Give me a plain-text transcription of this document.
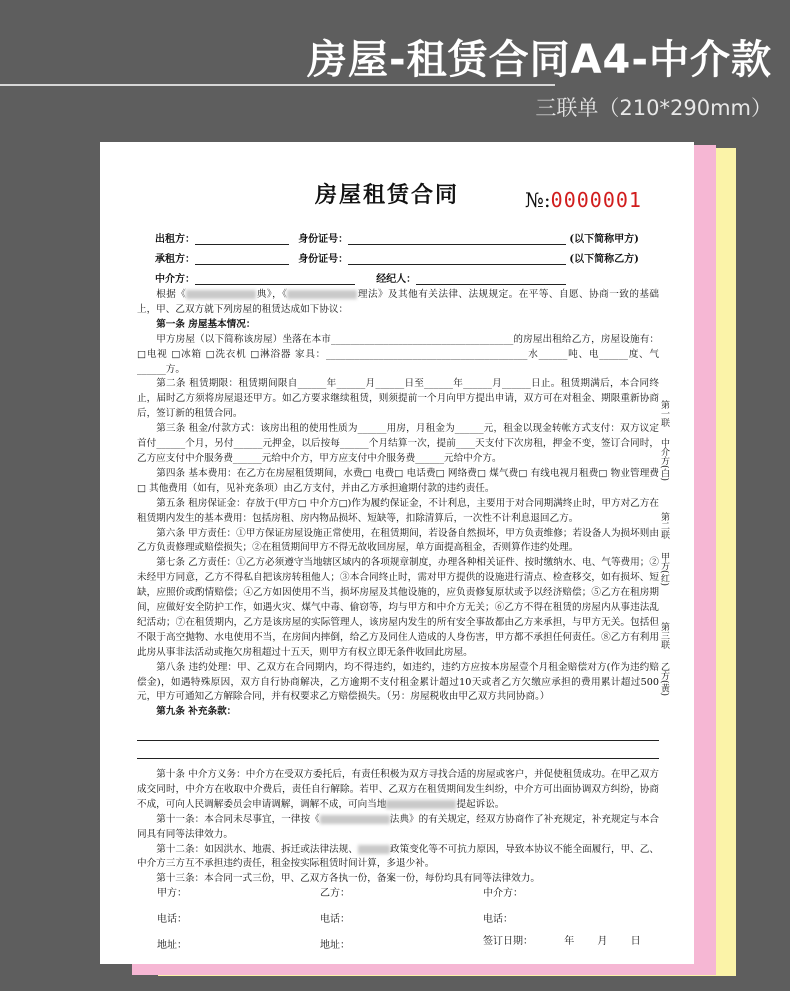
房屋-租赁合同A4-中介款
三联单（210*290mm）
房屋租赁合同	№:0000001
出租方：	身份证号：	(以下简称甲方)
承租方：	身份证号：	(以下简称乙方)
中介方：	经纪人：

根据《	典》，《	理法》及其他有关法律、法规规定。在平等、自愿、协商一致的基础上，甲、乙双方就下列房屋的租赁达成如下协议：

第一条 房屋基本情况：

甲方房屋（以下简称该房屋）坐落在本市______________________________________的房屋出租给乙方，房屋设施有：□电视 □冰箱 □洗衣机 □淋浴器 家具：__________________________________________水______吨、电______度、气______方。

第二条 租赁期限：租赁期间限自______年______月______日至______年______月______日止。租赁期满后，本合同终止，届时乙方须将房屋退还甲方。如乙方要求继续租赁，则须提前一个月向甲方提出申请，双方可在对租金、期限重新协商后，签订新的租赁合同。

第三条 租金/付款方式：该房出租的使用性质为______用房，月租金为______元，租金以现金转帐方式支付：双方议定首付______个月，另付______元押金，以后按每______个月结算一次，提前____天支付下次房租，押金不变，签订合同时，乙方应支付中介服务费______元给中介方，甲方应支付中介服务费______元给中介方。

第四条 基本费用：在乙方在房屋租赁期间，水费□ 电费□ 电话费□ 网络费□ 煤气费□ 有线电视月租费□ 物业管理费□ 其他费用（如有，见补充条项）由乙方支付，并由乙方承担逾期付款的违约责任。

第五条 租房保证金：存放于(甲方□ 中介方□)作为履约保证金，不计利息，主要用于对合同期满终止时，甲方对乙方在租赁期内发生的基本费用：包括房租、房内物品损坏、短缺等，扣除清算后，一次性不计利息退回乙方。

第六条 甲方责任：①甲方保证房屋设施正常使用，在租赁期间，若设备自然损坏，甲方负责维修；若设备人为损坏则由乙方负责修理或赔偿损失；②在租赁期间甲方不得无故收回房屋，单方面提高租金，否则算作违约处理。

第七条 乙方责任：①乙方必须遵守当地辖区域内的各项规章制度，办理各种相关证件、按时缴纳水、电、气等费用；②未经甲方同意，乙方不得私自把该房转租他人；③本合同终止时，需对甲方提供的设施进行清点、检查移交，如有损坏、短缺，应照价或酌情赔偿；④乙方如因使用不当，损坏房屋及其他设施的，应负责修复原状或予以经济赔偿；⑤乙方在租房期间，应做好安全防护工作，如遇火灾、煤气中毒、偷窃等，均与甲方和中介方无关；⑥乙方不得在租赁的房屋内从事违法乱纪活动；⑦在租赁期内，乙方是该房屋的实际管理人，该房屋内发生的所有安全事故都由乙方来承担，与甲方无关。包括但不限于高空抛物、水电使用不当，在房间内摔倒，给乙方及同住人造成的人身伤害，甲方都不承担任何责任。⑧乙方有利用此房从事非法活动或拖欠房租超过十五天，则甲方有权立即无条件收回此房屋。

第八条 违约处理：甲、乙双方在合同期内，均不得违约，如违约，违约方应按本房屋壹个月租金赔偿对方(作为违约赔偿金)，如遇特殊原因，双方自行协商解决，乙方逾期不支付租金累计超过10天或者乙方欠缴应承担的费用累计超过500元，甲方可通知乙方解除合同，并有权要求乙方赔偿损失。（另：房屋税收由甲乙双方共同协商。）

第九条 补充条款：

第十条 中介方义务：中介方在受双方委托后，有责任积极为双方寻找合适的房屋或客户，并促使租赁成功。在甲乙双方成交同时，中介方在收取中介费后，责任自行解除。若甲、乙双方在租赁期间发生纠纷，中介方可出面协调双方纠纷，协商不成，可向人民调解委员会申请调解，调解不成，可向当地	提起诉讼。

第十一条：本合同未尽事宜，一律按《	法典》的有关规定，经双方协商作了补充规定，补充规定与本合同具有同等法律效力。

第十二条：如因洪水、地震、拆迁或法律法规、	政策变化等不可抗力原因，导致本协议不能全面履行，甲、乙、中介方三方互不承担违约责任，租金按实际租赁时间计算，多退少补。

第十三条：本合同一式三份，甲、乙双方各执一份，备案一份，每份均具有同等法律效力。

第一联
中介方(白)
第二联
甲方(红)
第三联
乙方(黄)
甲方：	乙方：	中介方：
电话：	电话：	电话：
地址：	地址：	签订日期：	年 月 日
